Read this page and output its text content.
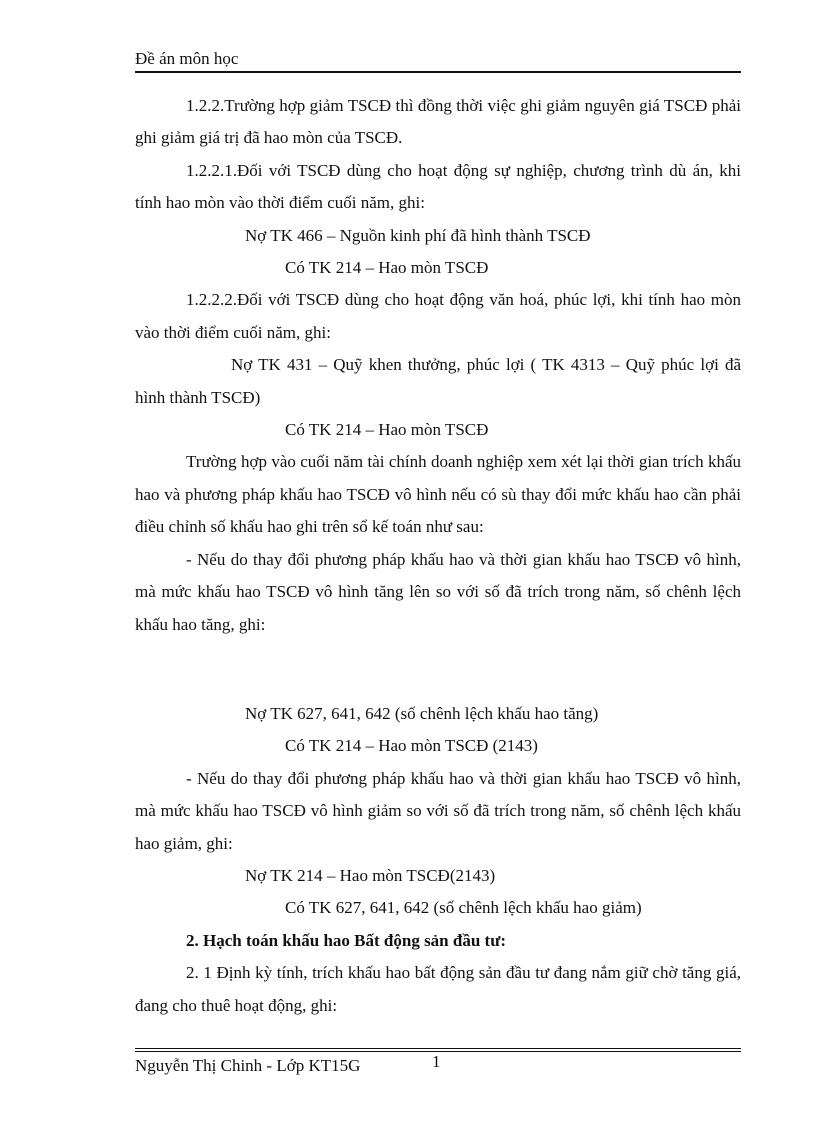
Đề án môn học

1.2.2.Trường hợp giảm TSCĐ thì đồng thời việc ghi giảm nguyên giá TSCĐ phải ghi giảm giá trị đã hao mòn của TSCĐ.

1.2.2.1.Đối với TSCĐ dùng cho hoạt động sự nghiệp, chương trình dù án, khi tính hao mòn vào thời điểm cuối năm, ghi:

Nợ TK 466 – Nguồn kinh phí đã hình thành TSCĐ

Có TK 214 – Hao mòn TSCĐ

1.2.2.2.Đối với TSCĐ dùng cho hoạt động văn hoá, phúc lợi, khi tính hao mòn vào thời điểm cuối năm, ghi:

Nợ TK 431 – Quỹ khen thưởng, phúc lợi ( TK 4313 – Quỹ phúc lợi đã hình thành TSCĐ)

Có TK 214 – Hao mòn TSCĐ

Trường hợp vào cuối năm tài chính doanh nghiệp xem xét lại thời gian trích khấu hao và phương pháp khấu hao TSCĐ vô hình nếu có sù thay đổi mức khấu hao cần phải điều chỉnh số khấu hao ghi trên sổ kế toán như sau:

- Nếu do thay đổi phương pháp khấu hao và thời gian khấu hao TSCĐ vô hình, mà mức khấu hao TSCĐ vô hình tăng lên so với số đã trích trong năm, số chênh lệch khấu hao tăng, ghi:

Nợ TK 627, 641, 642 (số chênh lệch khấu hao tăng)

Có TK 214 – Hao mòn TSCĐ (2143)

- Nếu do thay đổi phương pháp khấu hao và thời gian khấu hao TSCĐ vô hình, mà mức khấu hao TSCĐ vô hình giảm so với số đã trích trong năm, số chênh lệch khấu hao giảm, ghi:

Nợ TK 214 – Hao mòn TSCĐ(2143)

Có TK 627, 641, 642 (số chênh lệch khấu hao giảm)

2. Hạch toán khấu hao Bất động sản đầu tư:

2. 1 Định kỳ tính, trích khấu hao bất động sản đầu tư đang nắm giữ chờ tăng giá, đang cho thuê hoạt động, ghi:

Nguyễn Thị Chinh - Lớp KT15G	1
